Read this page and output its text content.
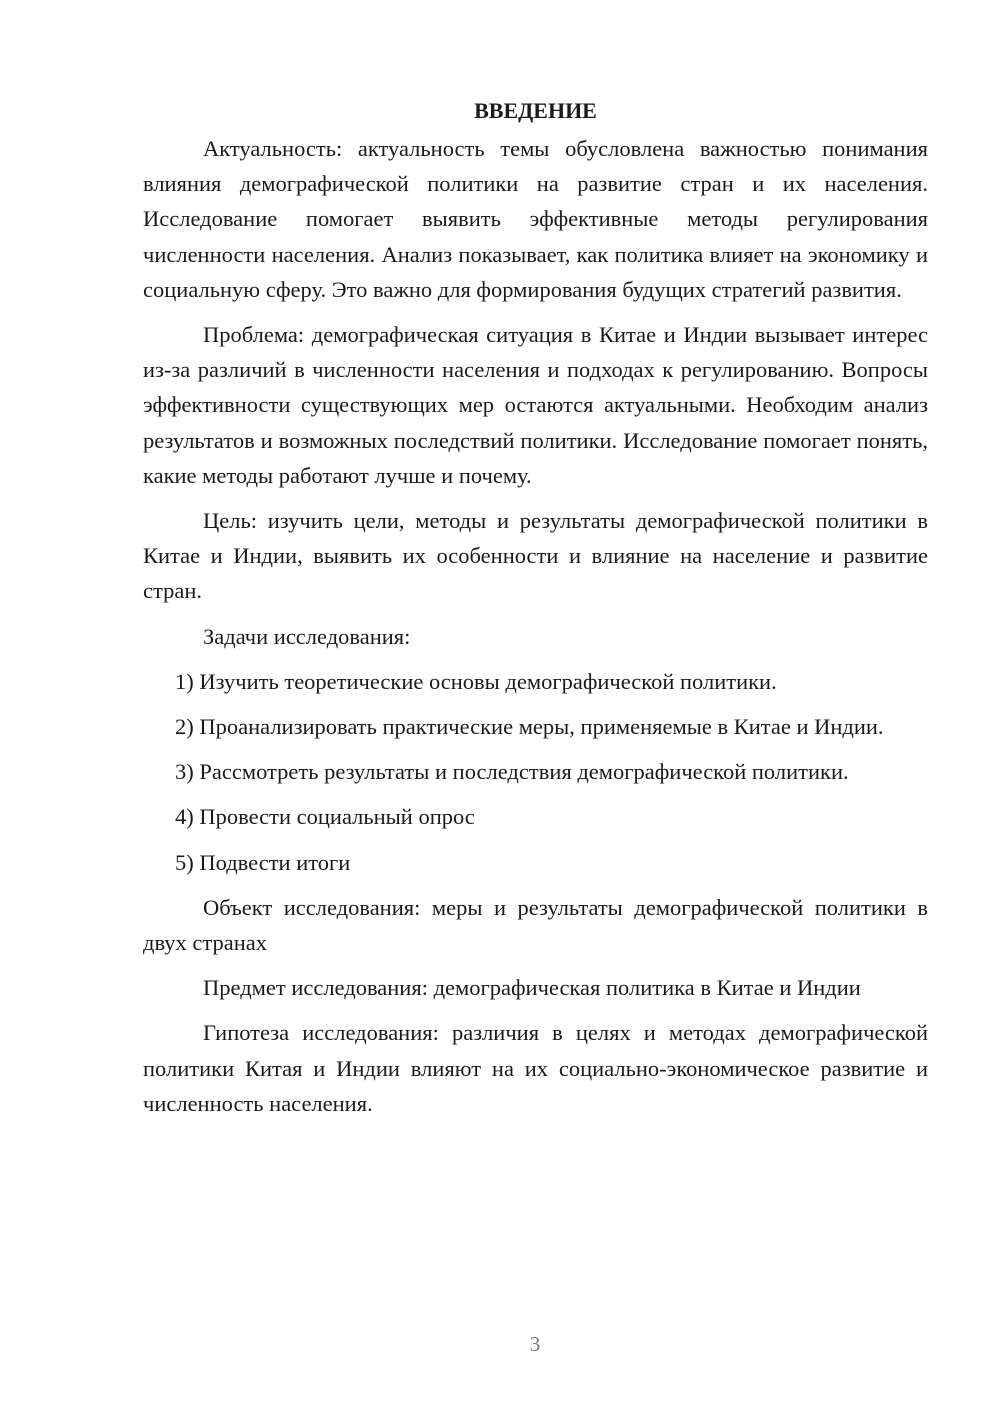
ВВЕДЕНИЕ

Актуальность: актуальность темы обусловлена важностью понимания влияния демографической политики на развитие стран и их населения. Исследование помогает выявить эффективные методы регулирования численности населения. Анализ показывает, как политика влияет на экономику и социальную сферу. Это важно для формирования будущих стратегий развития.

Проблема: демографическая ситуация в Китае и Индии вызывает интерес из-за различий в численности населения и подходах к регулированию. Вопросы эффективности существующих мер остаются актуальными. Необходим анализ результатов и возможных последствий политики. Исследование помогает понять, какие методы работают лучше и почему.

Цель: изучить цели, методы и результаты демографической политики в Китае и Индии, выявить их особенности и влияние на население и развитие стран.

Задачи исследования:

1) Изучить теоретические основы демографической политики.

2) Проанализировать практические меры, применяемые в Китае и Индии.

3) Рассмотреть результаты и последствия демографической политики.

4) Провести социальный опрос

5) Подвести итоги

Объект исследования: меры и результаты демографической политики в двух странах

Предмет исследования: демографическая политика в Китае и Индии

Гипотеза исследования: различия в целях и методах демографической политики Китая и Индии влияют на их социально-экономическое развитие и численность населения.

3
